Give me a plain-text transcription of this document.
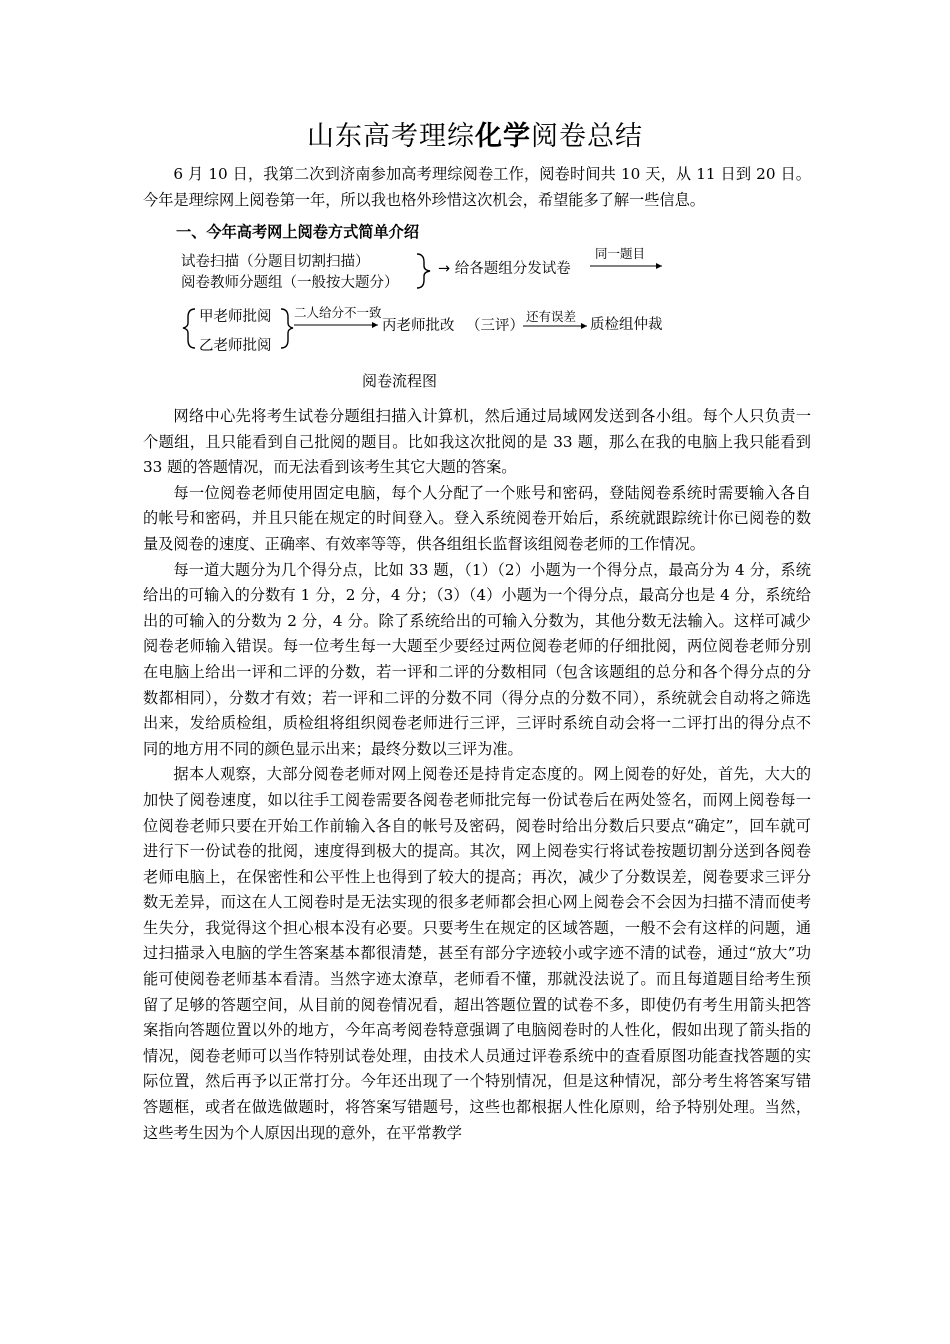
山东高考理综化学阅卷总结

6 月 10 日，我第二次到济南参加高考理综阅卷工作，阅卷时间共 10 天，从 11 日到 20 日。今年是理综网上阅卷第一年，所以我也格外珍惜这次机会，希望能多了解一些信息。

一、今年高考网上阅卷方式简单介绍
试卷扫描（分题目切割扫描）
阅卷教师分题组（一般按大题分）
→ 给各题组分发试卷
同一题目
甲老师批阅
乙老师批阅
二人给分不一致
丙老师批改 （三评）
还有误差
质检组仲裁
阅卷流程图

网络中心先将考生试卷分题组扫描入计算机，然后通过局域网发送到各小组。每个人只负责一个题组，且只能看到自己批阅的题目。比如我这次批阅的是 33 题，那么在我的电脑上我只能看到 33 题的答题情况，而无法看到该考生其它大题的答案。

每一位阅卷老师使用固定电脑，每个人分配了一个账号和密码，登陆阅卷系统时需要输入各自的帐号和密码，并且只能在规定的时间登入。登入系统阅卷开始后，系统就跟踪统计你已阅卷的数量及阅卷的速度、正确率、有效率等等，供各组组长监督该组阅卷老师的工作情况。

每一道大题分为几个得分点，比如 33 题，（1）（2）小题为一个得分点，最高分为 4 分，系统给出的可输入的分数有 1 分，2 分，4 分；（3）（4）小题为一个得分点，最高分也是 4 分，系统给出的可输入的分数为 2 分，4 分。除了系统给出的可输入分数为，其他分数无法输入。这样可减少阅卷老师输入错误。每一位考生每一大题至少要经过两位阅卷老师的仔细批阅，两位阅卷老师分别在电脑上给出一评和二评的分数，若一评和二评的分数相同（包含该题组的总分和各个得分点的分数都相同），分数才有效；若一评和二评的分数不同（得分点的分数不同），系统就会自动将之筛选出来，发给质检组，质检组将组织阅卷老师进行三评，三评时系统自动会将一二评打出的得分点不同的地方用不同的颜色显示出来；最终分数以三评为准。

据本人观察，大部分阅卷老师对网上阅卷还是持肯定态度的。网上阅卷的好处，首先，大大的加快了阅卷速度，如以往手工阅卷需要各阅卷老师批完每一份试卷后在两处签名，而网上阅卷每一位阅卷老师只要在开始工作前输入各自的帐号及密码，阅卷时给出分数后只要点“确定”，回车就可进行下一份试卷的批阅，速度得到极大的提高。其次，网上阅卷实行将试卷按题切割分送到各阅卷老师电脑上，在保密性和公平性上也得到了较大的提高；再次，减少了分数误差，阅卷要求三评分数无差异，而这在人工阅卷时是无法实现的很多老师都会担心网上阅卷会不会因为扫描不清而使考生失分，我觉得这个担心根本没有必要。只要考生在规定的区域答题，一般不会有这样的问题，通过扫描录入电脑的学生答案基本都很清楚，甚至有部分字迹较小或字迹不清的试卷，通过“放大”功能可使阅卷老师基本看清。当然字迹太潦草，老师看不懂，那就没法说了。而且每道题目给考生预留了足够的答题空间，从目前的阅卷情况看，超出答题位置的试卷不多，即使仍有考生用箭头把答案指向答题位置以外的地方，今年高考阅卷特意强调了电脑阅卷时的人性化，假如出现了箭头指的情况，阅卷老师可以当作特别试卷处理，由技术人员通过评卷系统中的查看原图功能查找答题的实际位置，然后再予以正常打分。今年还出现了一个特别情况，但是这种情况，部分考生将答案写错答题框，或者在做选做题时，将答案写错题号，这些也都根据人性化原则，给予特别处理。当然，这些考生因为个人原因出现的意外，在平常教学
